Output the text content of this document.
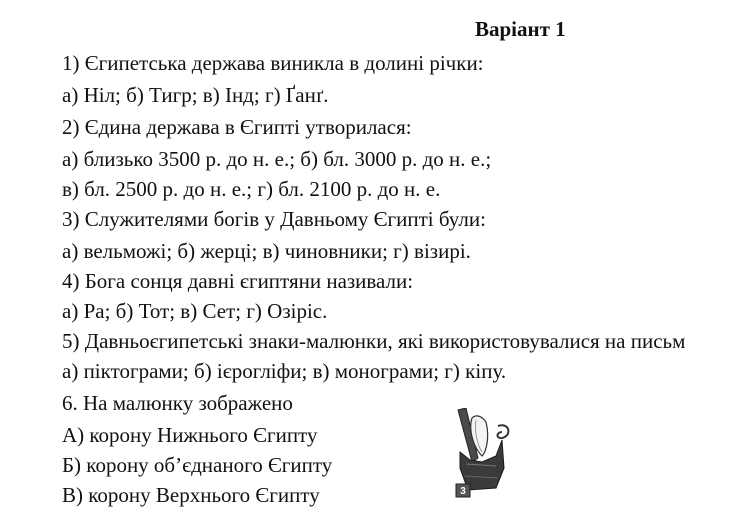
Варіант 1
1) Єгипетська держава виникла в долині річки:
а) Ніл; б) Тигр; в) Інд; г) Ґанґ.
2) Єдина держава в Єгипті утворилася:
а) близько 3500 р. до н. е.; б) бл. 3000 р. до н. е.;
в) бл. 2500 р. до н. е.; г) бл. 2100 р. до н. е.
3) Служителями богів у Давньому Єгипті були:
а) вельможі; б) жерці; в) чиновники; г) візирі.
4) Бога сонця давні єгиптяни називали:
а) Ра; б) Тот; в) Сет; г) Озіріс.
5) Давньоєгипетські знаки-малюнки, які використовувалися на письм
а) піктограми; б) ієрогліфи; в) монограми; г) кіпу.
6. На малюнку зображено
А) корону Нижнього Єгипту
Б) корону об’єднаного Єгипту
В) корону Верхнього Єгипту	3
